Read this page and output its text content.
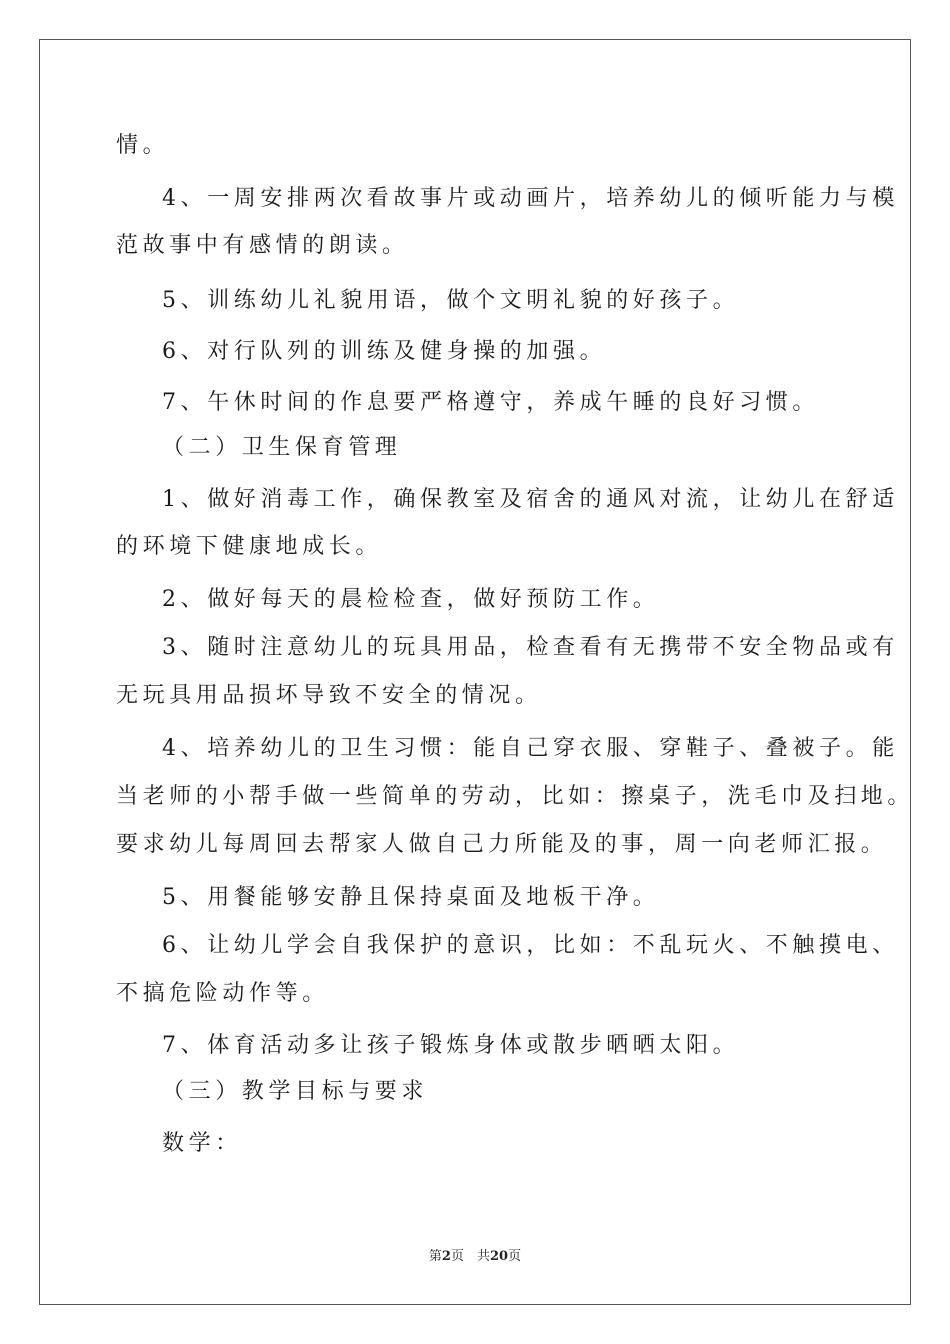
情。
4、一周安排两次看故事片或动画片，培养幼儿的倾听能力与模
范故事中有感情的朗读。
5、训练幼儿礼貌用语，做个文明礼貌的好孩子。
6、对行队列的训练及健身操的加强。
7、午休时间的作息要严格遵守，养成午睡的良好习惯。
（二）卫生保育管理
1、做好消毒工作，确保教室及宿舍的通风对流，让幼儿在舒适
的环境下健康地成长。
2、做好每天的晨检检查，做好预防工作。
3、随时注意幼儿的玩具用品，检查看有无携带不安全物品或有
无玩具用品损坏导致不安全的情况。
4、培养幼儿的卫生习惯：能自己穿衣服、穿鞋子、叠被子。能
当老师的小帮手做一些简单的劳动，比如：擦桌子，洗毛巾及扫地。
要求幼儿每周回去帮家人做自己力所能及的事，周一向老师汇报。
5、用餐能够安静且保持桌面及地板干净。
6、让幼儿学会自我保护的意识，比如：不乱玩火、不触摸电、
不搞危险动作等。
7、体育活动多让孩子锻炼身体或散步晒晒太阳。
（三）教学目标与要求
数学：
第2页　共20页
